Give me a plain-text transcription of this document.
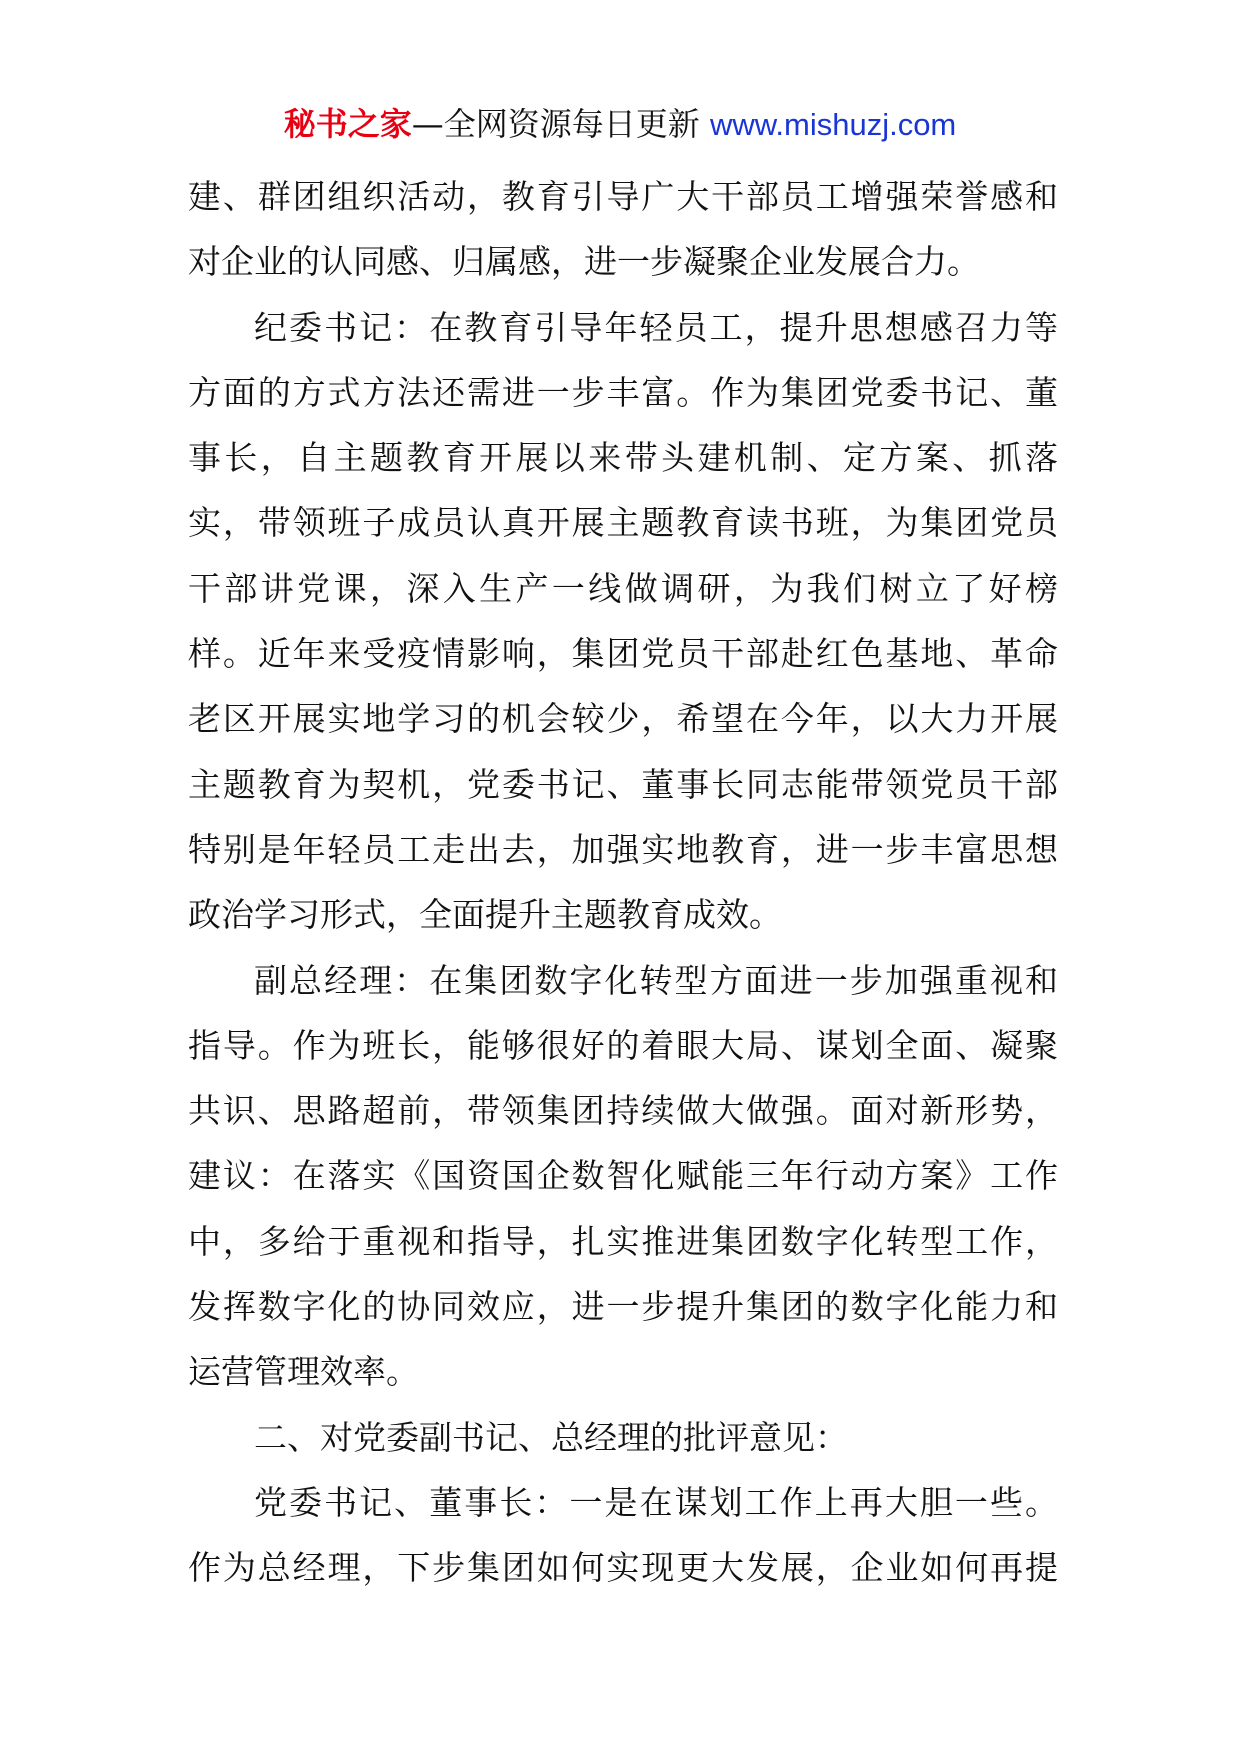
秘书之家—全网资源每日更新 www.mishuzj.com
建、群团组织活动，教育引导广大干部员工增强荣誉感和
对企业的认同感、归属感，进一步凝聚企业发展合力。
纪委书记：在教育引导年轻员工，提升思想感召力等
方面的方式方法还需进一步丰富。作为集团党委书记、董
事长，自主题教育开展以来带头建机制、定方案、抓落
实，带领班子成员认真开展主题教育读书班，为集团党员
干部讲党课，深入生产一线做调研，为我们树立了好榜
样。近年来受疫情影响，集团党员干部赴红色基地、革命
老区开展实地学习的机会较少，希望在今年，以大力开展
主题教育为契机，党委书记、董事长同志能带领党员干部
特别是年轻员工走出去，加强实地教育，进一步丰富思想
政治学习形式，全面提升主题教育成效。
副总经理：在集团数字化转型方面进一步加强重视和
指导。作为班长，能够很好的着眼大局、谋划全面、凝聚
共识、思路超前，带领集团持续做大做强。面对新形势，
建议：在落实《国资国企数智化赋能三年行动方案》工作
中，多给于重视和指导，扎实推进集团数字化转型工作，
发挥数字化的协同效应，进一步提升集团的数字化能力和
运营管理效率。
二、对党委副书记、总经理的批评意见：
党委书记、董事长：一是在谋划工作上再大胆一些。
作为总经理，下步集团如何实现更大发展，企业如何再提
